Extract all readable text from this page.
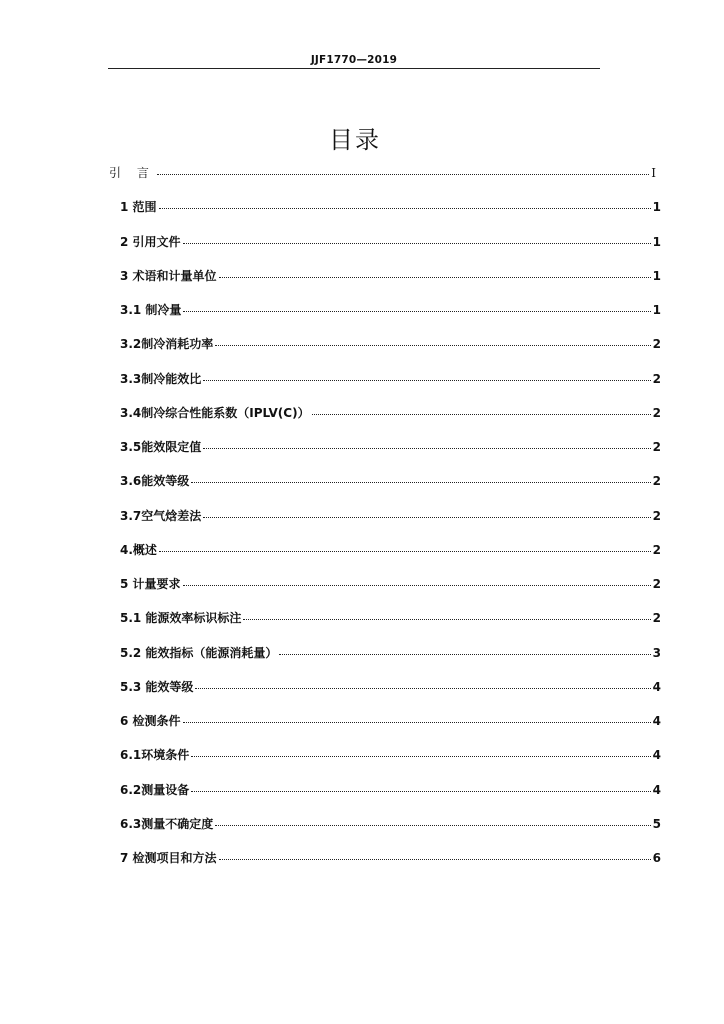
JJF1770—2019
目录
引 言	I
1 范围	1
2 引用文件	1
3 术语和计量单位	1
3.1 制冷量	1
3.2制冷消耗功率	2
3.3制冷能效比	2
3.4制冷综合性能系数（IPLV(C)）	2
3.5能效限定值	2
3.6能效等级	2
3.7空气焓差法	2
4.概述	2
5 计量要求	2
5.1 能源效率标识标注	2
5.2 能效指标（能源消耗量）	3
5.3 能效等级	4
6 检测条件	4
6.1环境条件	4
6.2测量设备	4
6.3测量不确定度	5
7 检测项目和方法	6
